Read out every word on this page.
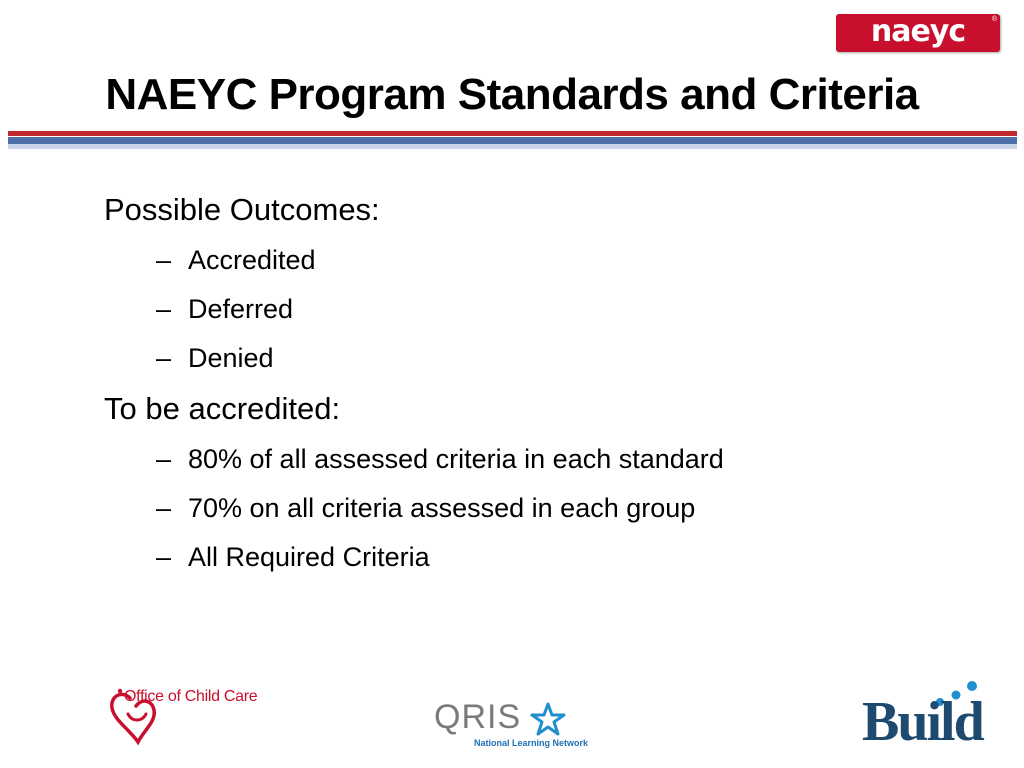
naeyc	®
NAEYC Program Standards and Criteria
Possible Outcomes:
– Accredited
– Deferred
– Denied
To be accredited:
– 80% of all assessed criteria in each standard
– 70% on all criteria assessed in each group
– All Required Criteria
Office of Child Care
QRIS
National Learning Network	Build
